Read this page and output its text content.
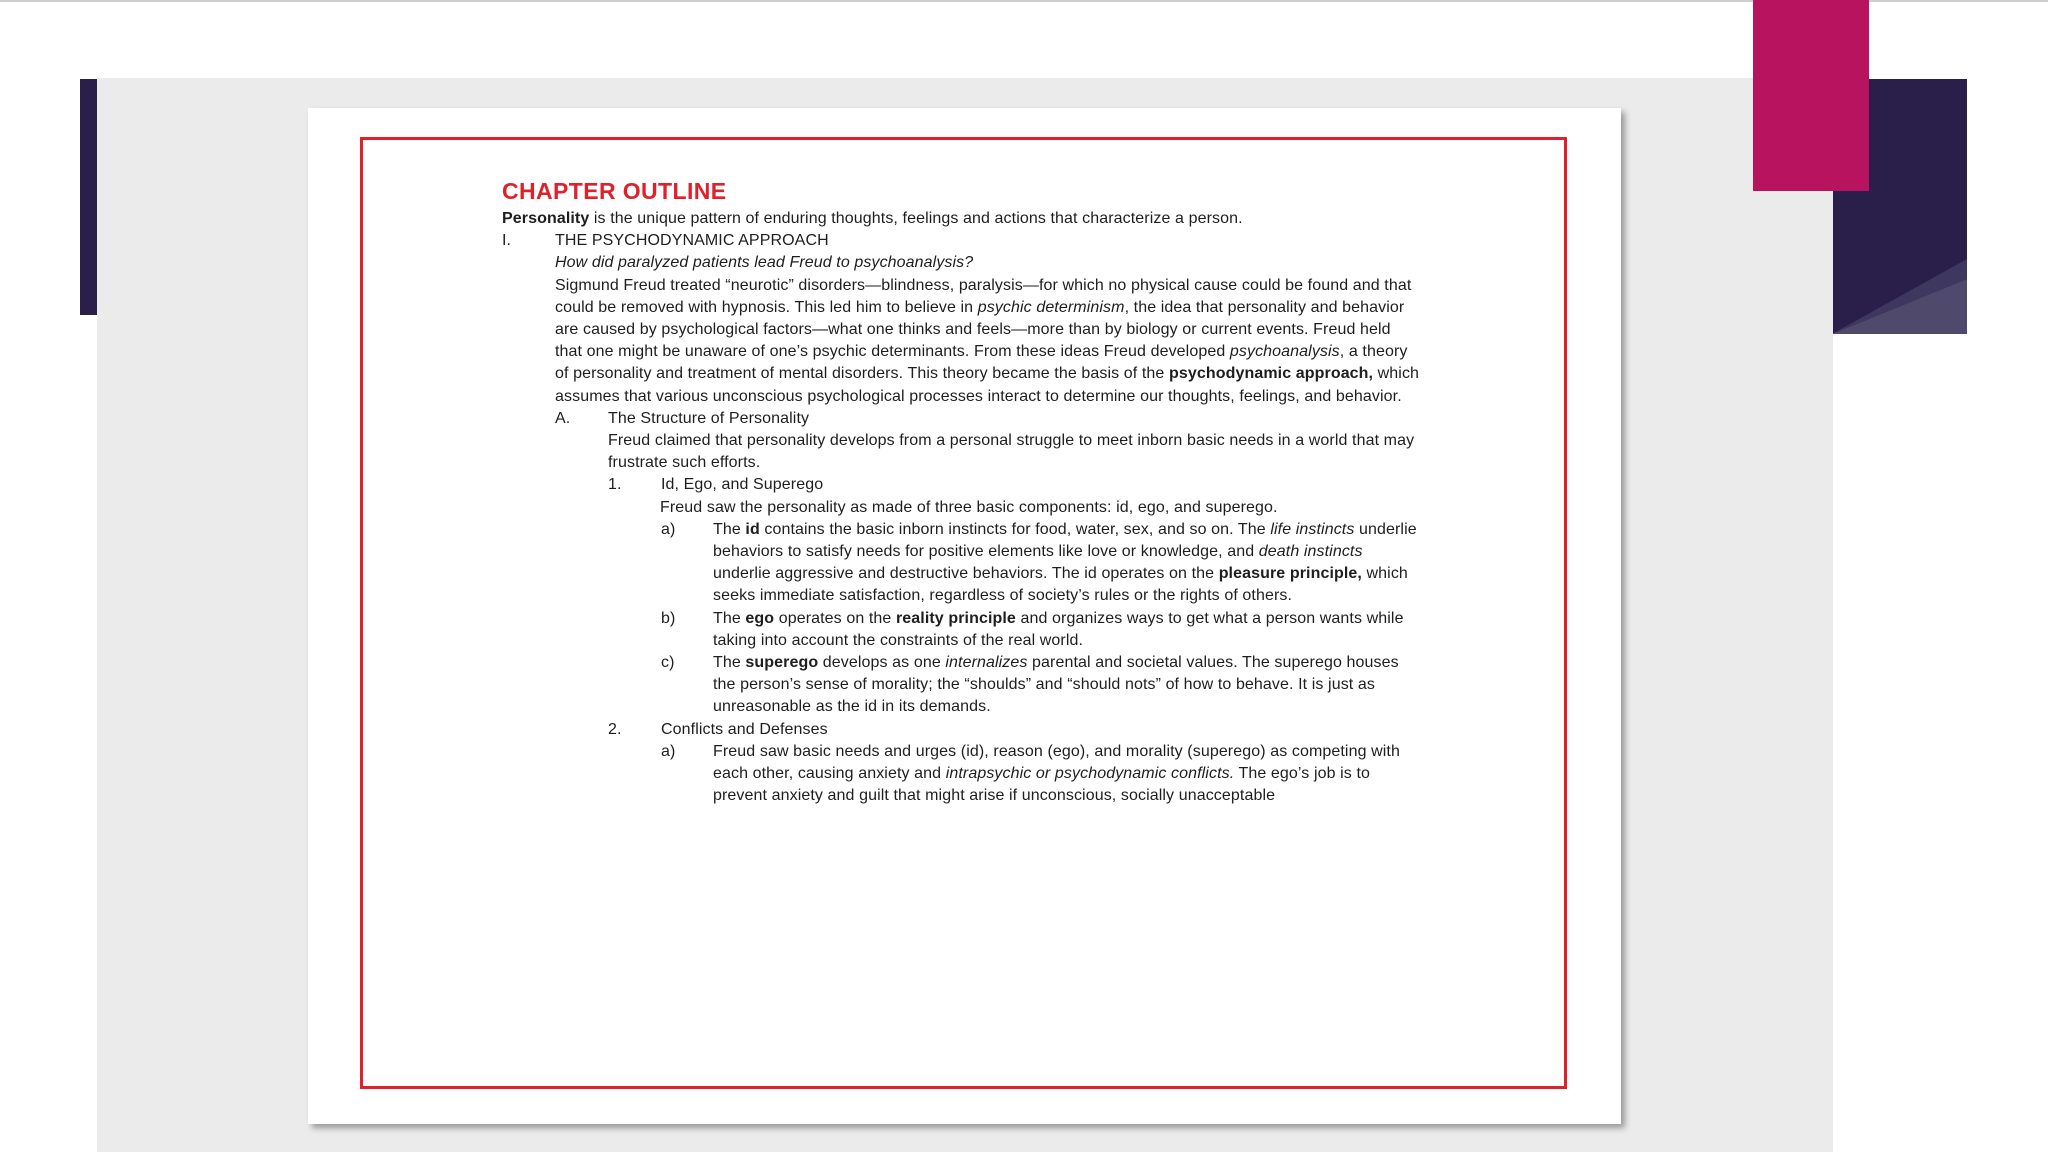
CHAPTER OUTLINE

Personality is the unique pattern of enduring thoughts, feelings and actions that characterize a person.

I.	THE PSYCHODYNAMIC APPROACH

How did paralyzed patients lead Freud to psychoanalysis?

Sigmund Freud treated “neurotic” disorders—blindness, paralysis—for which no physical cause could be found and that could be removed with hypnosis. This led him to believe in psychic determinism, the idea that personality and behavior are caused by psychological factors—what one thinks and feels—more than by biology or current events. Freud held that one might be unaware of one’s psychic determinants. From these ideas Freud developed psychoanalysis, a theory of personality and treatment of mental disorders. This theory became the basis of the psychodynamic approach, which assumes that various unconscious psychological processes interact to determine our thoughts, feelings, and behavior.

A. The Structure of Personality

Freud claimed that personality develops from a personal struggle to meet inborn basic needs in a world that may frustrate such efforts.

1. Id, Ego, and Superego

Freud saw the personality as made of three basic components: id, ego, and superego.

a) The id contains the basic inborn instincts for food, water, sex, and so on. The life instincts underlie behaviors to satisfy needs for positive elements like love or knowledge, and death instincts underlie aggressive and destructive behaviors. The id operates on the pleasure principle, which seeks immediate satisfaction, regardless of society’s rules or the rights of others.

b) The ego operates on the reality principle and organizes ways to get what a person wants while taking into account the constraints of the real world.

c) The superego develops as one internalizes parental and societal values. The superego houses the person’s sense of morality; the “shoulds” and “should nots” of how to behave. It is just as unreasonable as the id in its demands.

2. Conflicts and Defenses

a) Freud saw basic needs and urges (id), reason (ego), and morality (superego) as competing with each other, causing anxiety and intrapsychic or psychodynamic conflicts. The ego’s job is to prevent anxiety and guilt that might arise if unconscious, socially unacceptable
